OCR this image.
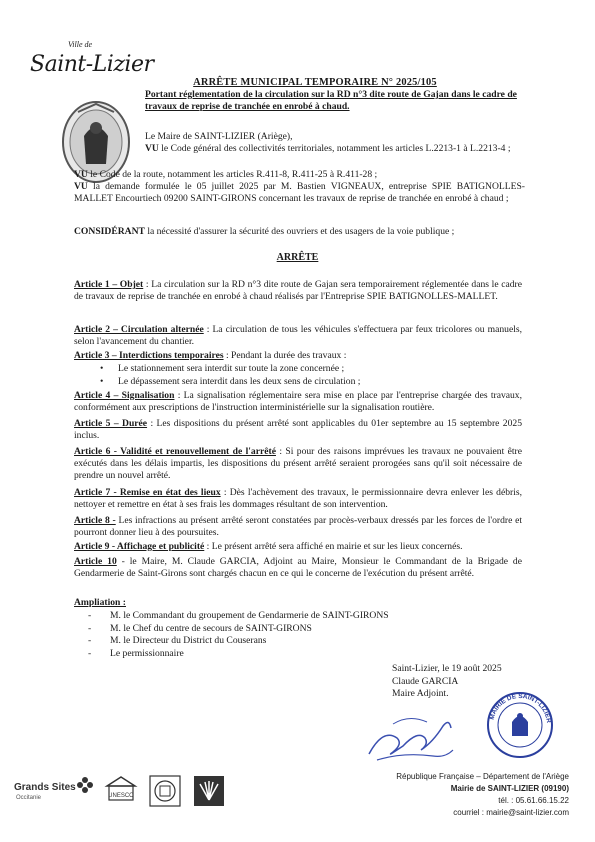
Ville de
Saint-Lizier
ARRÊTE MUNICIPAL TEMPORAIRE N° 2025/105
Portant réglementation de la circulation sur la RD n°3 dite route de Gajan dans le cadre de travaux de reprise de tranchée en enrobé à chaud.
Le Maire de SAINT-LIZIER (Ariège),
VU le Code général des collectivités territoriales, notamment les articles L.2213-1 à L.2213-4 ;
VU le Code de la route, notamment les articles R.411-8, R.411-25 à R.411-28 ;
VU la demande formulée le 05 juillet 2025 par M. Bastien VIGNEAUX, entreprise SPIE BATIGNOLLES-MALLET Encourtiech 09200 SAINT-GIRONS concernant les travaux de reprise de tranchée en enrobé à chaud ;
CONSIDÉRANT la nécessité d'assurer la sécurité des ouvriers et des usagers de la voie publique ;
ARRÊTE
Article 1 – Objet : La circulation sur la RD n°3 dite route de Gajan sera temporairement réglementée dans le cadre de travaux de reprise de tranchée en enrobé à chaud réalisés par l'Entreprise SPIE BATIGNOLLES-MALLET.
Article 2 – Circulation alternée : La circulation de tous les véhicules s'effectuera par feux tricolores ou manuels, selon l'avancement du chantier.
Article 3 – Interdictions temporaires : Pendant la durée des travaux :
• Le stationnement sera interdit sur toute la zone concernée ;
• Le dépassement sera interdit dans les deux sens de circulation ;
Article 4 – Signalisation : La signalisation réglementaire sera mise en place par l'entreprise chargée des travaux, conformément aux prescriptions de l'instruction interministérielle sur la signalisation routière.
Article 5 – Durée : Les dispositions du présent arrêté sont applicables du 01er septembre au 15 septembre 2025 inclus.
Article 6 - Validité et renouvellement de l'arrêté : Si pour des raisons imprévues les travaux ne pouvaient être exécutés dans les délais impartis, les dispositions du présent arrêté seraient prorogées sans qu'il soit nécessaire de prendre un nouvel arrêté.
Article 7 - Remise en état des lieux : Dès l'achèvement des travaux, le permissionnaire devra enlever les débris, nettoyer et remettre en état à ses frais les dommages résultant de son intervention.
Article 8 - Les infractions au présent arrêté seront constatées par procès-verbaux dressés par les forces de l'ordre et pourront donner lieu à des poursuites.
Article 9 - Affichage et publicité : Le présent arrêté sera affiché en mairie et sur les lieux concernés.
Article 10 - le Maire, M. Claude GARCIA, Adjoint au Maire, Monsieur le Commandant de la Brigade de Gendarmerie de Saint-Girons sont chargés chacun en ce qui le concerne de l'exécution du présent arrêté.
Ampliation :
- M. le Commandant du groupement de Gendarmerie de SAINT-GIRONS
- M. le Chef du centre de secours de SAINT-GIRONS
- M. le Directeur du District du Couserans
- Le permissionnaire
Saint-Lizier, le 19 août 2025
Claude GARCIA
Maire Adjoint.
MAIRIE DE SAINT-LIZIER
Grands Sites
Occitanie	UNESCO
République Française – Département de l'Ariège
Mairie de SAINT-LIZIER (09190)
tél. : 05.61.66.15.22
courriel : mairie@saint-lizier.com
